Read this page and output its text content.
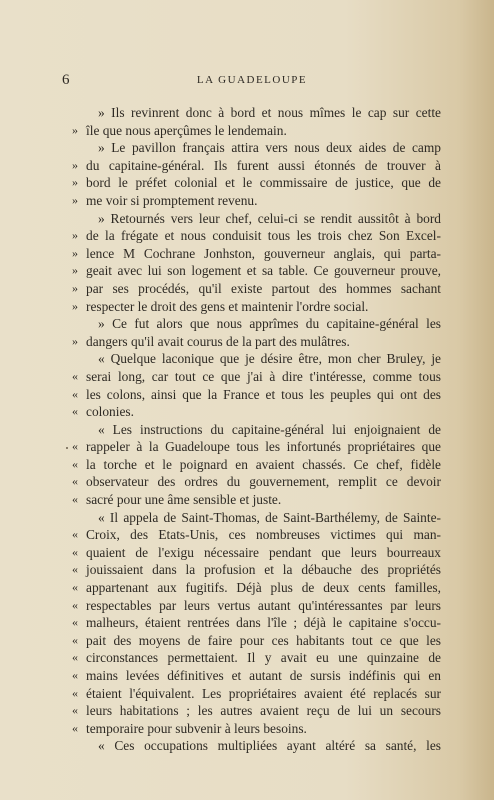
6	LA GUADELOUPE
» Ils revinrent donc à bord et nous mîmes le cap sur cette
» île que nous aperçûmes le lendemain.
» Le pavillon français attira vers nous deux aides de camp
» du capitaine-général. Ils furent aussi étonnés de trouver à
» bord le préfet colonial et le commissaire de justice, que de
» me voir si promptement revenu.
» Retournés vers leur chef, celui-ci se rendit aussitôt à bord
» de la frégate et nous conduisit tous les trois chez Son Excel-
» lence M Cochrane Jonhston, gouverneur anglais, qui parta-
» geait avec lui son logement et sa table. Ce gouverneur prouve,
» par ses procédés, qu'il existe partout des hommes sachant
» respecter le droit des gens et maintenir l'ordre social.
» Ce fut alors que nous apprîmes du capitaine-général les
» dangers qu'il avait courus de la part des mulâtres.
« Quelque laconique que je désire être, mon cher Bruley, je
« serai long, car tout ce que j'ai à dire t'intéresse, comme tous
« les colons, ainsi que la France et tous les peuples qui ont des
« colonies.
« Les instructions du capitaine-général lui enjoignaient de
« rappeler à la Guadeloupe tous les infortunés propriétaires que
« la torche et le poignard en avaient chassés. Ce chef, fidèle
« observateur des ordres du gouvernement, remplit ce devoir
« sacré pour une âme sensible et juste.
« Il appela de Saint-Thomas, de Saint-Barthélemy, de Sainte-
« Croix, des Etats-Unis, ces nombreuses victimes qui man-
« quaient de l'exigu nécessaire pendant que leurs bourreaux
« jouissaient dans la profusion et la débauche des propriétés
« appartenant aux fugitifs. Déjà plus de deux cents familles,
« respectables par leurs vertus autant qu'intéressantes par leurs
« malheurs, étaient rentrées dans l'île ; déjà le capitaine s'occu-
« pait des moyens de faire pour ces habitants tout ce que les
« circonstances permettaient. Il y avait eu une quinzaine de
« mains levées définitives et autant de sursis indéfinis qui en
« étaient l'équivalent. Les propriétaires avaient été replacés sur
« leurs habitations ; les autres avaient reçu de lui un secours
« temporaire pour subvenir à leurs besoins.
« Ces occupations multipliées ayant altéré sa santé, les
